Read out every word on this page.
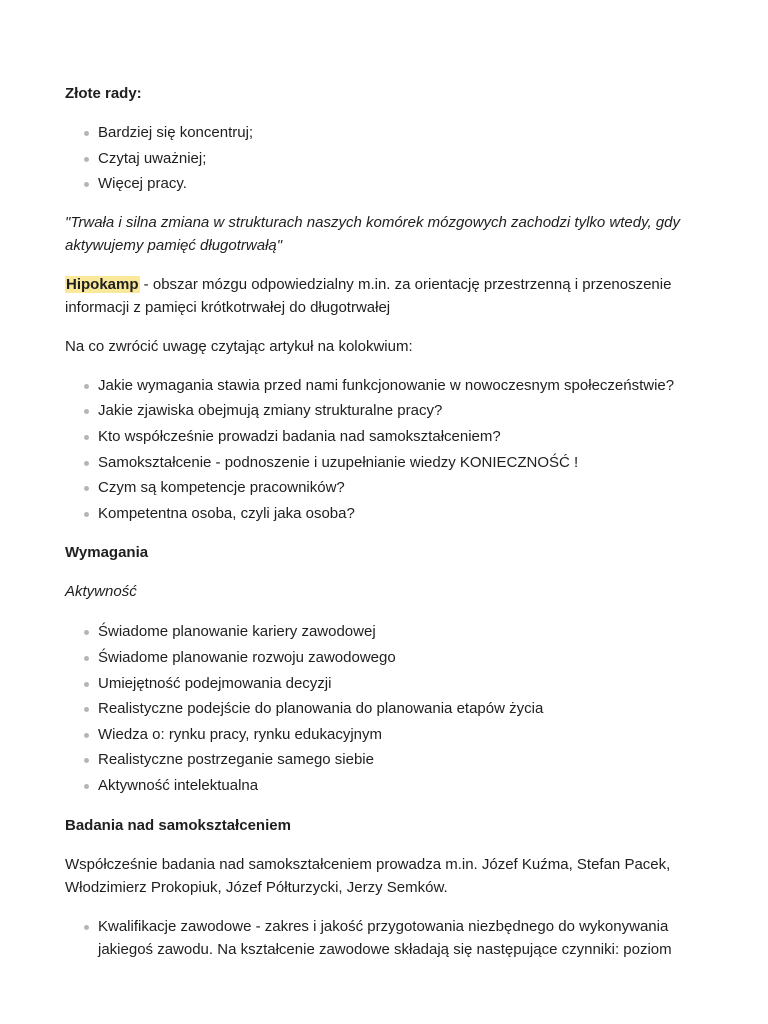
Złote rady:

Bardziej się koncentruj;
Czytaj uważniej;
Więcej pracy.

"Trwała i silna zmiana w strukturach naszych komórek mózgowych zachodzi tylko wtedy, gdy aktywujemy pamięć długotrwałą"

Hipokamp - obszar mózgu odpowiedzialny m.in. za orientację przestrzenną i przenoszenie informacji z pamięci krótkotrwałej do długotrwałej

Na co zwrócić uwagę czytając artykuł na kolokwium:

Jakie wymagania stawia przed nami funkcjonowanie w nowoczesnym społeczeństwie?
Jakie zjawiska obejmują zmiany strukturalne pracy?
Kto współcześnie prowadzi badania nad samokształceniem?
Samokształcenie - podnoszenie i uzupełnianie wiedzy KONIECZNOŚĆ !
Czym są kompetencje pracowników?
Kompetentna osoba, czyli jaka osoba?

Wymagania

Aktywność

Świadome planowanie kariery zawodowej
Świadome planowanie rozwoju zawodowego
Umiejętność podejmowania decyzji
Realistyczne podejście do planowania do planowania etapów życia
Wiedza o: rynku pracy, rynku edukacyjnym
Realistyczne postrzeganie samego siebie
Aktywność intelektualna

Badania nad samokształceniem

Współcześnie badania nad samokształceniem prowadza m.in. Józef Kuźma, Stefan Pacek, Włodzimierz Prokopiuk, Józef Półturzycki, Jerzy Semków.

Kwalifikacje zawodowe - zakres i jakość przygotowania niezbędnego do wykonywania jakiegoś zawodu. Na kształcenie zawodowe składają się następujące czynniki: poziom
